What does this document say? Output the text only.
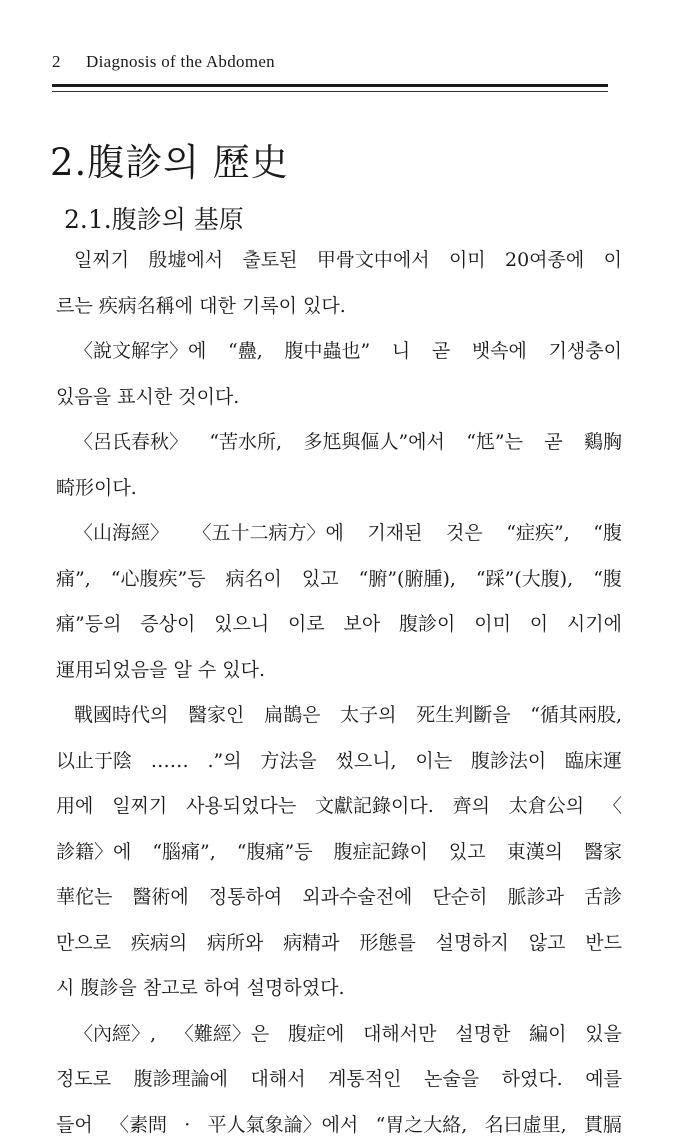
2 Diagnosis of the Abdomen
2.腹診의 歷史
2.1.腹診의 基原
일찌기 殷墟에서 출토된 甲骨文中에서 이미 20여종에 이
르는 疾病名稱에 대한 기록이 있다.
〈說文解字〉에 “蠱, 腹中蟲也” 니 곧 뱃속에 기생충이
있음을 표시한 것이다.
〈呂氏春秋〉 “苦水所, 多尪與傴人”에서 “尪”는 곧 鷄胸
畸形이다.
〈山海經〉 〈五十二病方〉에 기재된 것은 “症疾”, “腹
痛”, “心腹疾”등 病名이 있고 “腑”(腑腫), “踩”(大腹), “腹
痛”등의 증상이 있으니 이로 보아 腹診이 이미 이 시기에
運用되었음을 알 수 있다.
戰國時代의 醫家인 扁鵲은 太子의 死生判斷을 “循其兩股,
以止于陰 …… .”의 方法을 썼으니, 이는 腹診法이 臨床運
用에 일찌기 사용되었다는 文獻記錄이다. 齊의 太倉公의 〈
診籍〉에 “腦痛”, “腹痛”등 腹症記錄이 있고 東漢의 醫家
華佗는 醫術에 정통하여 외과수술전에 단순히 脈診과 舌診
만으로 疾病의 病所와 病精과 形態를 설명하지 않고 반드
시 腹診을 참고로 하여 설명하였다.
〈內經〉, 〈難經〉은 腹症에 대해서만 설명한 編이 있을
정도로 腹診理論에 대해서 계통적인 논술을 하였다. 예를
들어 〈素問 · 平人氣象論〉에서 “胃之大絡, 名曰虛里, 貫膈
